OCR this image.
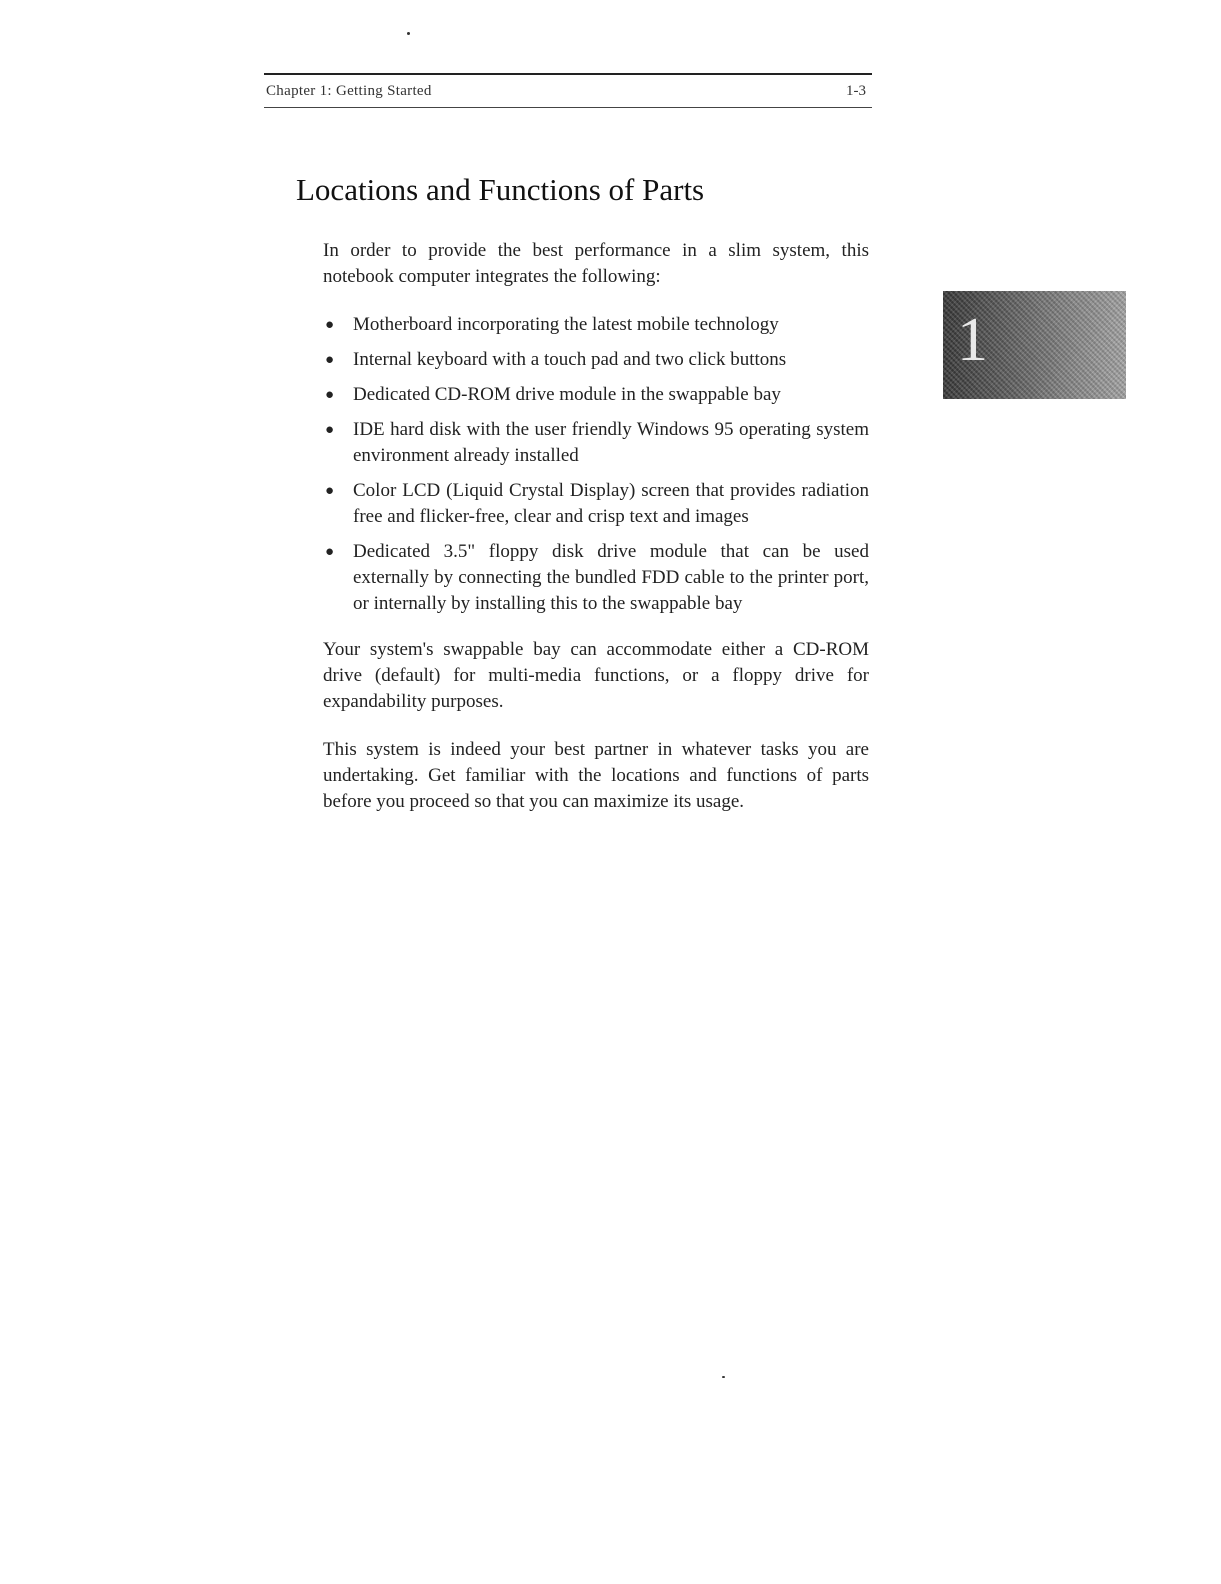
Chapter 1: Getting Started	1-3
Locations and Functions of Parts

In order to provide the best performance in a slim system, this notebook computer integrates the following:

● Motherboard incorporating the latest mobile technology
● Internal keyboard with a touch pad and two click buttons
● Dedicated CD-ROM drive module in the swappable bay
● IDE hard disk with the user friendly Windows 95 operating system environment already installed
● Color LCD (Liquid Crystal Display) screen that provides radiation free and flicker-free, clear and crisp text and images
● Dedicated 3.5" floppy disk drive module that can be used externally by connecting the bundled FDD cable to the printer port, or internally by installing this to the swappable bay

Your system's swappable bay can accommodate either a CD-ROM drive (default) for multi-media functions, or a floppy drive for expandability purposes.

This system is indeed your best partner in whatever tasks you are undertaking. Get familiar with the locations and functions of parts before you proceed so that you can maximize its usage.

1
